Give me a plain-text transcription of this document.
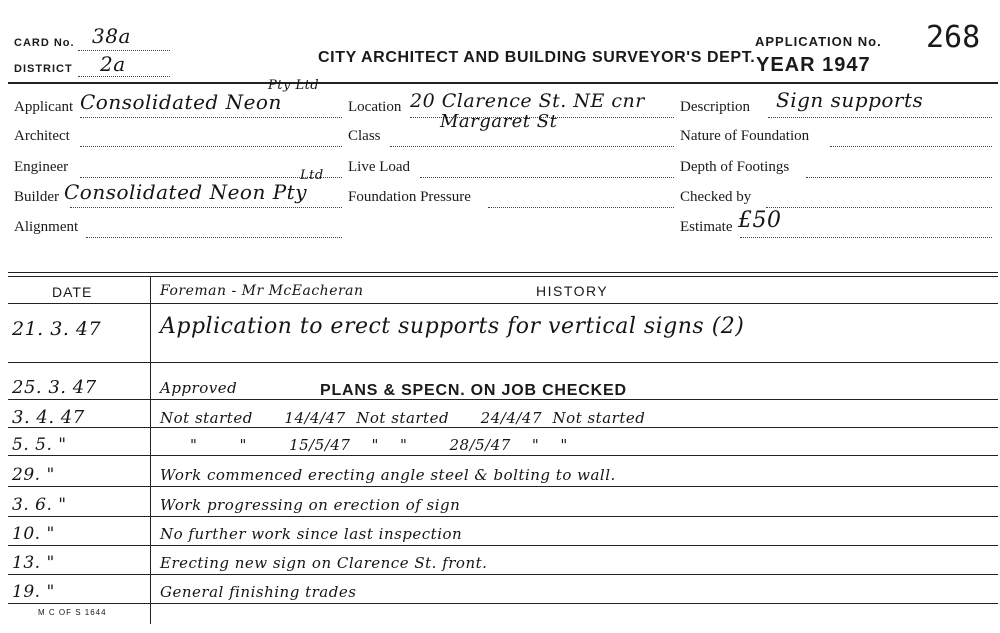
CARD No. 38a
DISTRICT 2a	CITY ARCHITECT AND BUILDING SURVEYOR'S DEPT.
APPLICATION No. 268
YEAR 1947
Applicant Consolidated Neon
Pty Ltd
Architect
Engineer
Builder Consolidated Neon Pty
Ltd
Alignment
Location 20 Clarence St. NE cnr
Margaret St
Class
Live Load
Foundation Pressure
Description Sign supports
Nature of Foundation
Depth of Footings
Checked by
Estimate £50
DATE	Foreman - Mr McEacheran	HISTORY
21. 3. 47	Application to erect supports for vertical signs (2)
25. 3. 47	Approved	PLANS & SPECN. ON JOB CHECKED
3. 4. 47	Not started      14/4/47  Not started      24/4/47  Not started
5. 5. "	"        "        15/5/47    "    "        28/5/47    "    "
29. "	Work commenced erecting angle steel & bolting to wall.
3. 6. "	Work progressing on erection of sign
10. "	No further work since last inspection
13. "	Erecting new sign on Clarence St. front.
19. "	General finishing trades
M C OF S 1644
